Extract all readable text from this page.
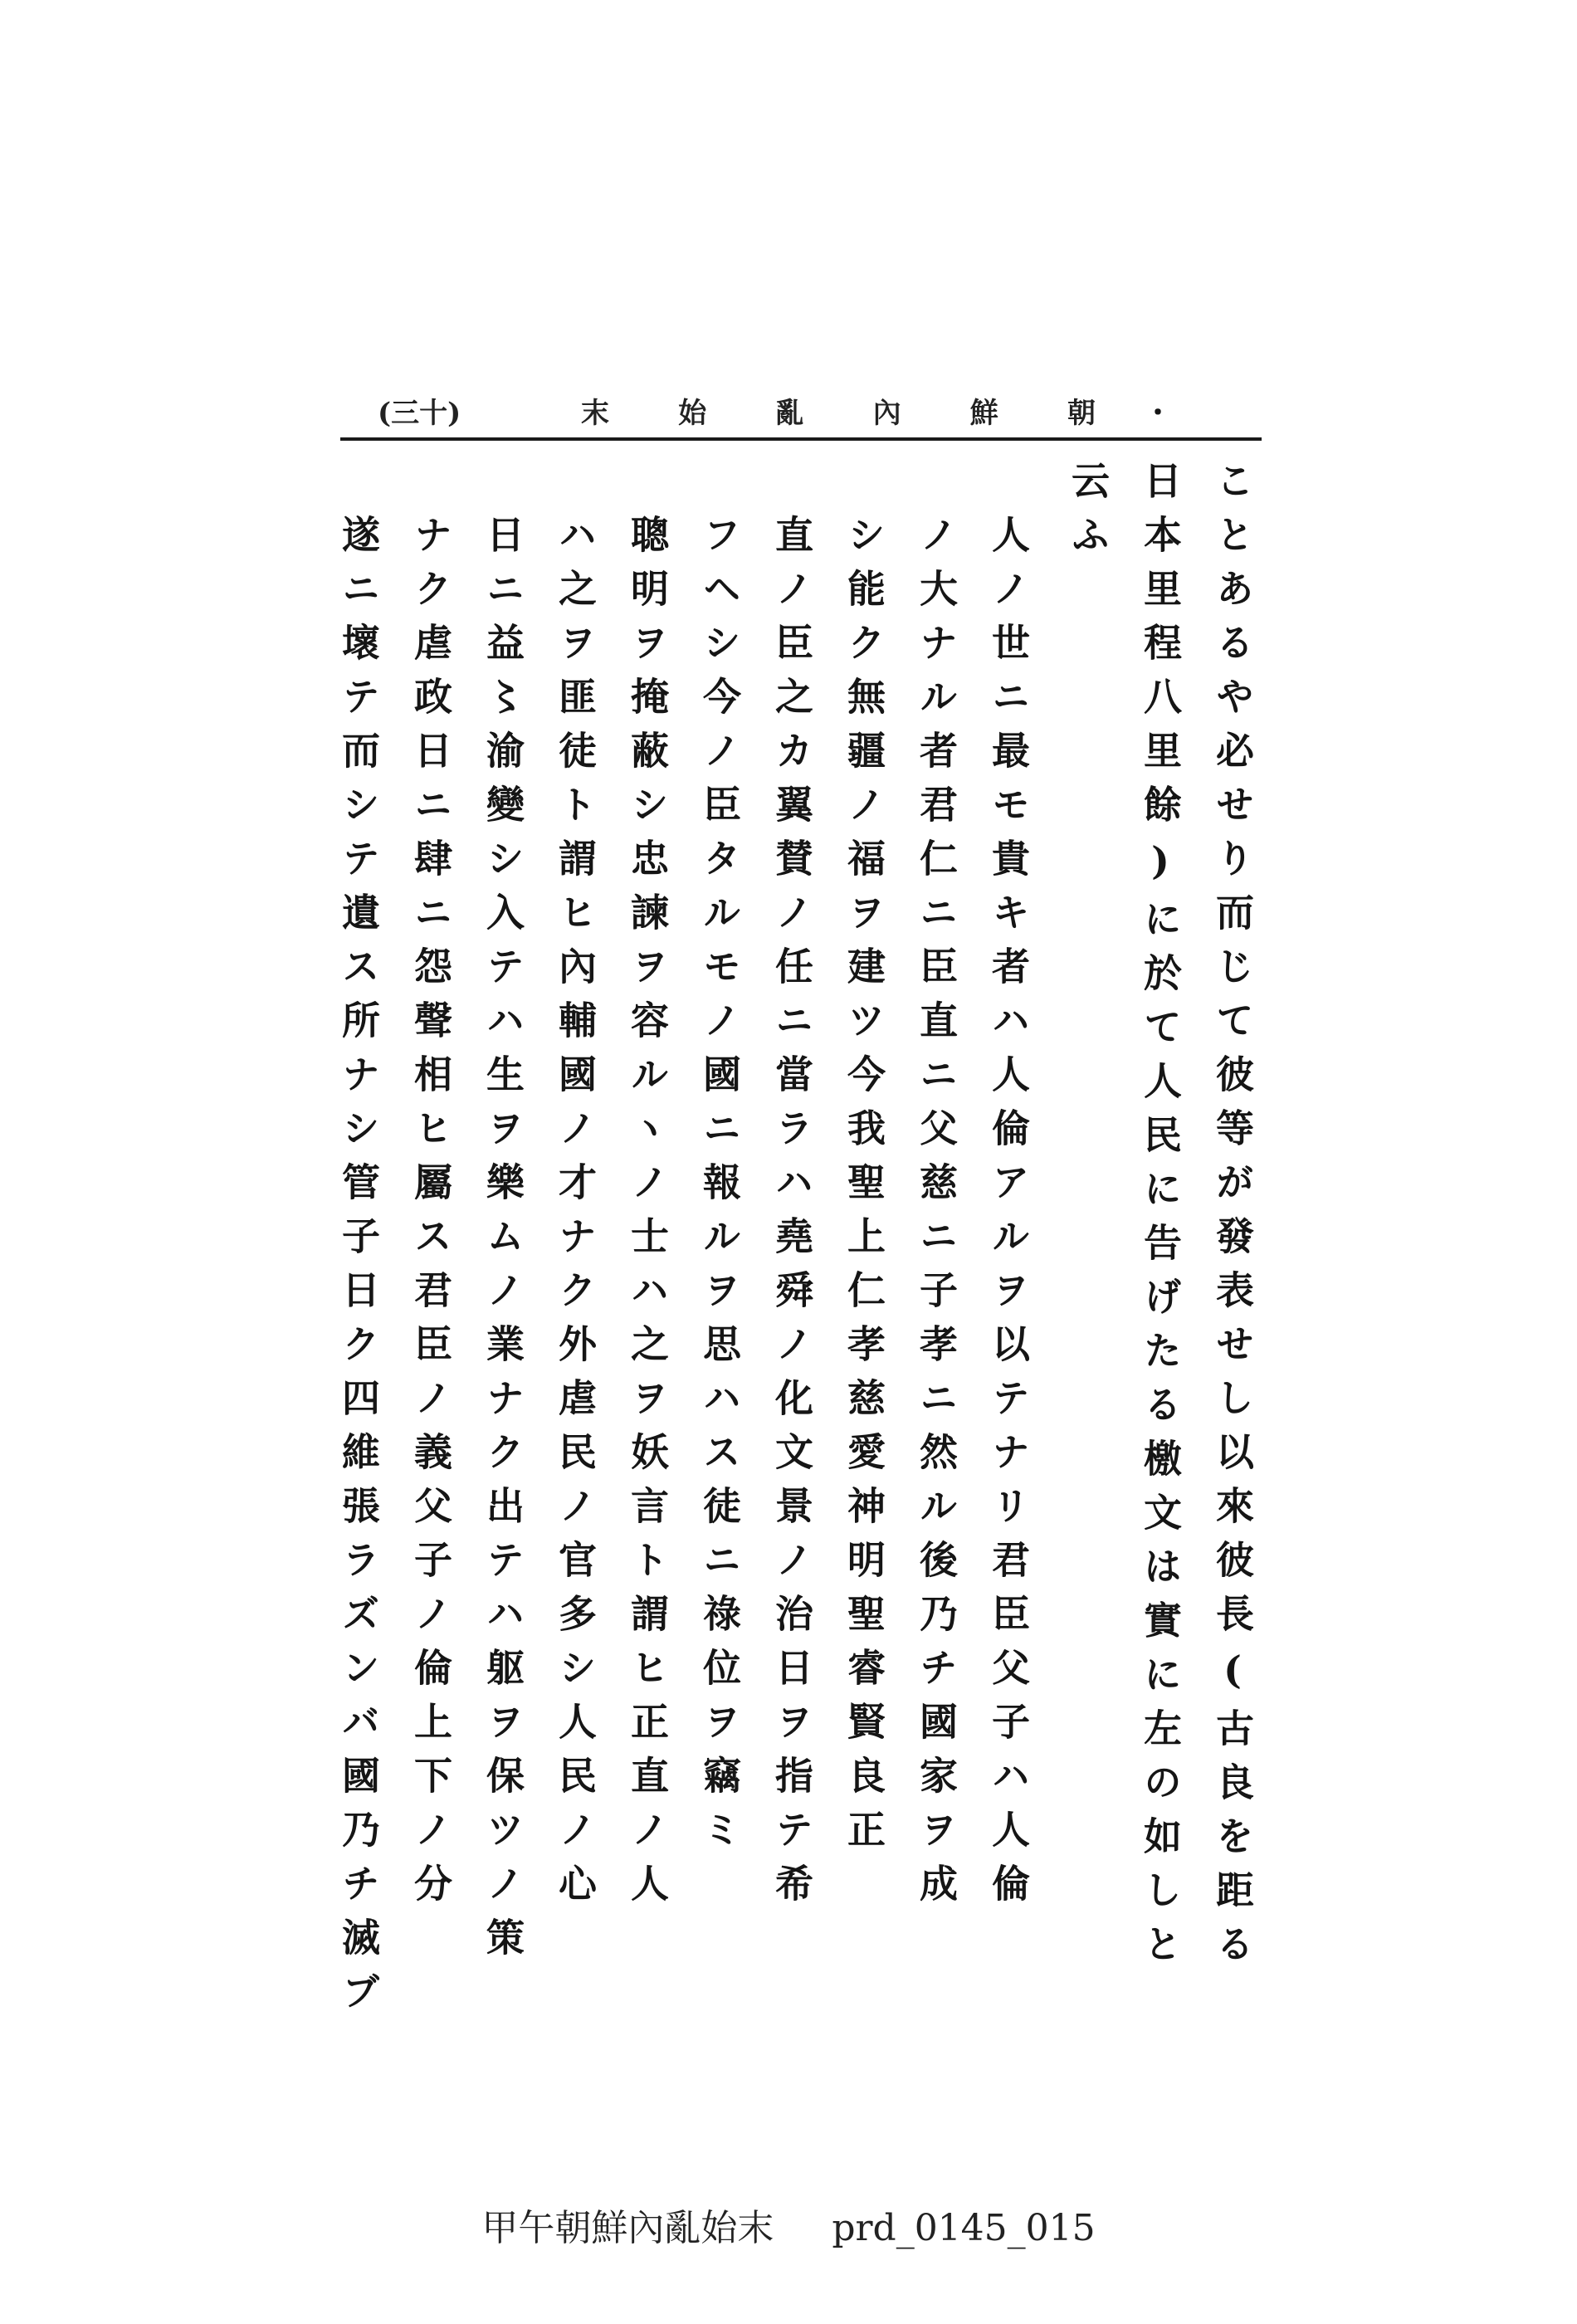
(三十)	末 始 亂 內 鮮 朝 ・
ことあるや必せり而じて彼等が發表せし以來彼長(古良を距る
日本里程八里餘)に於て人民に告げたる檄文は實に左の如しと
云ふ
人ノ世ニ最モ貴キ者ハ人倫アルヲ以テナリ君臣父子ハ人倫
ノ大ナル者君仁ニ臣直ニ父慈ニ子孝ニ然ル後乃チ國家ヲ成
シ能ク無疆ノ福ヲ建ツ今我聖上仁孝慈愛神明聖睿賢良正
直ノ臣之カ翼賛ノ任ニ當ラハ堯舜ノ化文景ノ治日ヲ指テ希
フヘシ今ノ臣タルモノ國ニ報ルヲ思ハス徒ニ祿位ヲ竊ミ
聰明ヲ掩蔽シ忠諫ヲ容ルヽノ士ハ之ヲ妖言ト謂ヒ正直ノ人
ハ之ヲ匪徒ト謂ヒ內輔國ノ才ナク外虐民ノ官多シ人民ノ心
日ニ益〻渝變シ入テハ生ヲ樂ムノ業ナク出テハ躯ヲ保ツノ策
ナク虐政日ニ肆ニ怨聲相ヒ屬ス君臣ノ義父子ノ倫上下ノ分
遂ニ壞テ而シテ遺ス所ナシ管子日ク四維張ラズンバ國乃チ滅ブ
甲午朝鮮內亂始末 prd_0145_015
